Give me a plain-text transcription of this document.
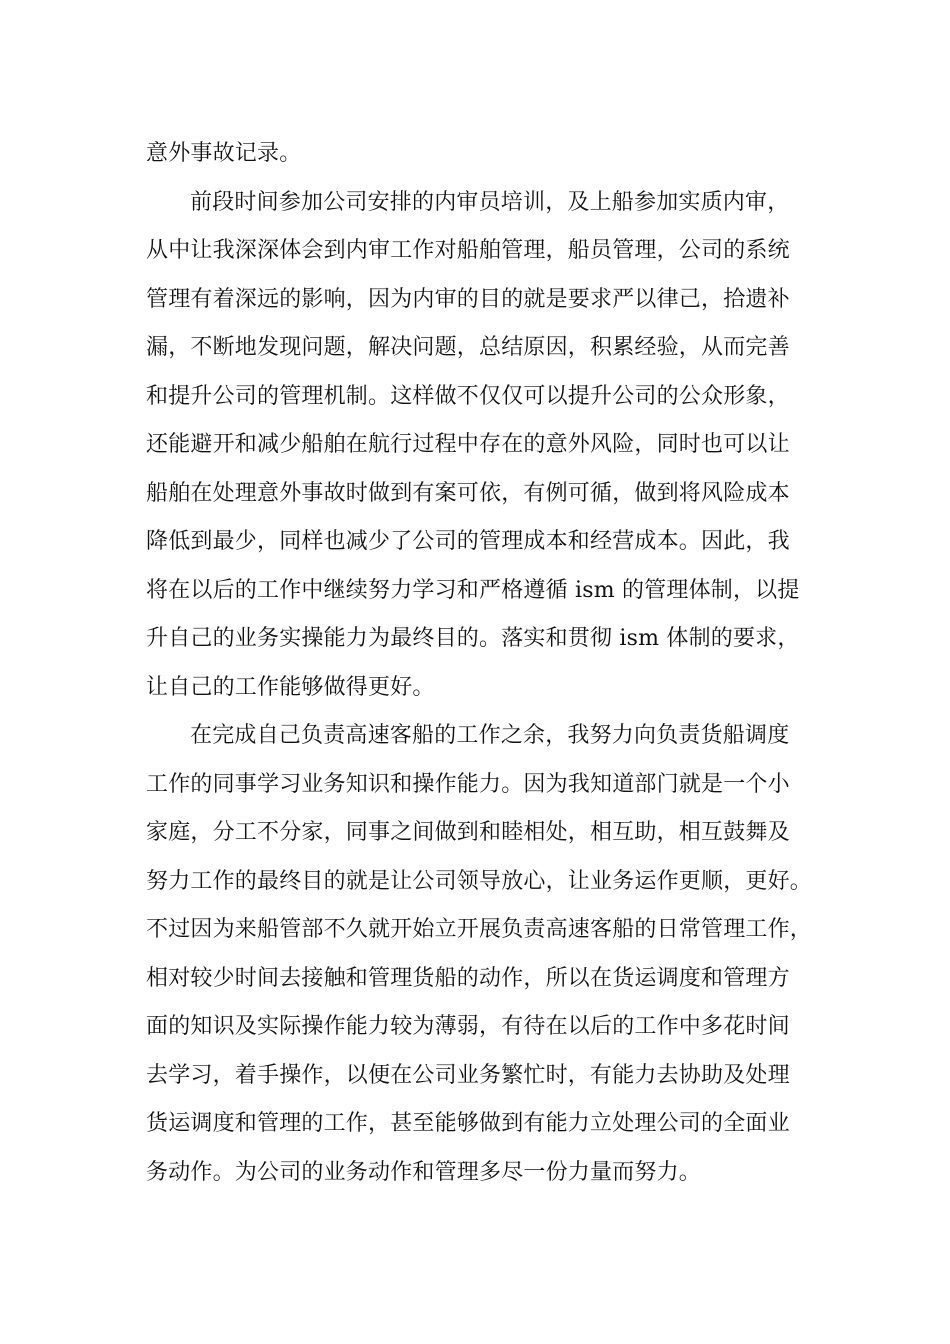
意外事故记录。
前段时间参加公司安排的内审员培训，及上船参加实质内审，
从中让我深深体会到内审工作对船舶管理，船员管理，公司的系统
管理有着深远的影响，因为内审的目的就是要求严以律己，拾遗补
漏，不断地发现问题，解决问题，总结原因，积累经验，从而完善
和提升公司的管理机制。这样做不仅仅可以提升公司的公众形象，
还能避开和减少船舶在航行过程中存在的意外风险，同时也可以让
船舶在处理意外事故时做到有案可依，有例可循，做到将风险成本
降低到最少，同样也减少了公司的管理成本和经营成本。因此，我
将在以后的工作中继续努力学习和严格遵循 ism 的管理体制，以提
升自己的业务实操能力为最终目的。落实和贯彻 ism 体制的要求，
让自己的工作能够做得更好。
在完成自己负责高速客船的工作之余，我努力向负责货船调度
工作的同事学习业务知识和操作能力。因为我知道部门就是一个小
家庭，分工不分家，同事之间做到和睦相处，相互助，相互鼓舞及
努力工作的最终目的就是让公司领导放心，让业务运作更顺，更好。
不过因为来船管部不久就开始立开展负责高速客船的日常管理工作，
相对较少时间去接触和管理货船的动作，所以在货运调度和管理方
面的知识及实际操作能力较为薄弱，有待在以后的工作中多花时间
去学习，着手操作，以便在公司业务繁忙时，有能力去协助及处理
货运调度和管理的工作，甚至能够做到有能力立处理公司的全面业
务动作。为公司的业务动作和管理多尽一份力量而努力。
